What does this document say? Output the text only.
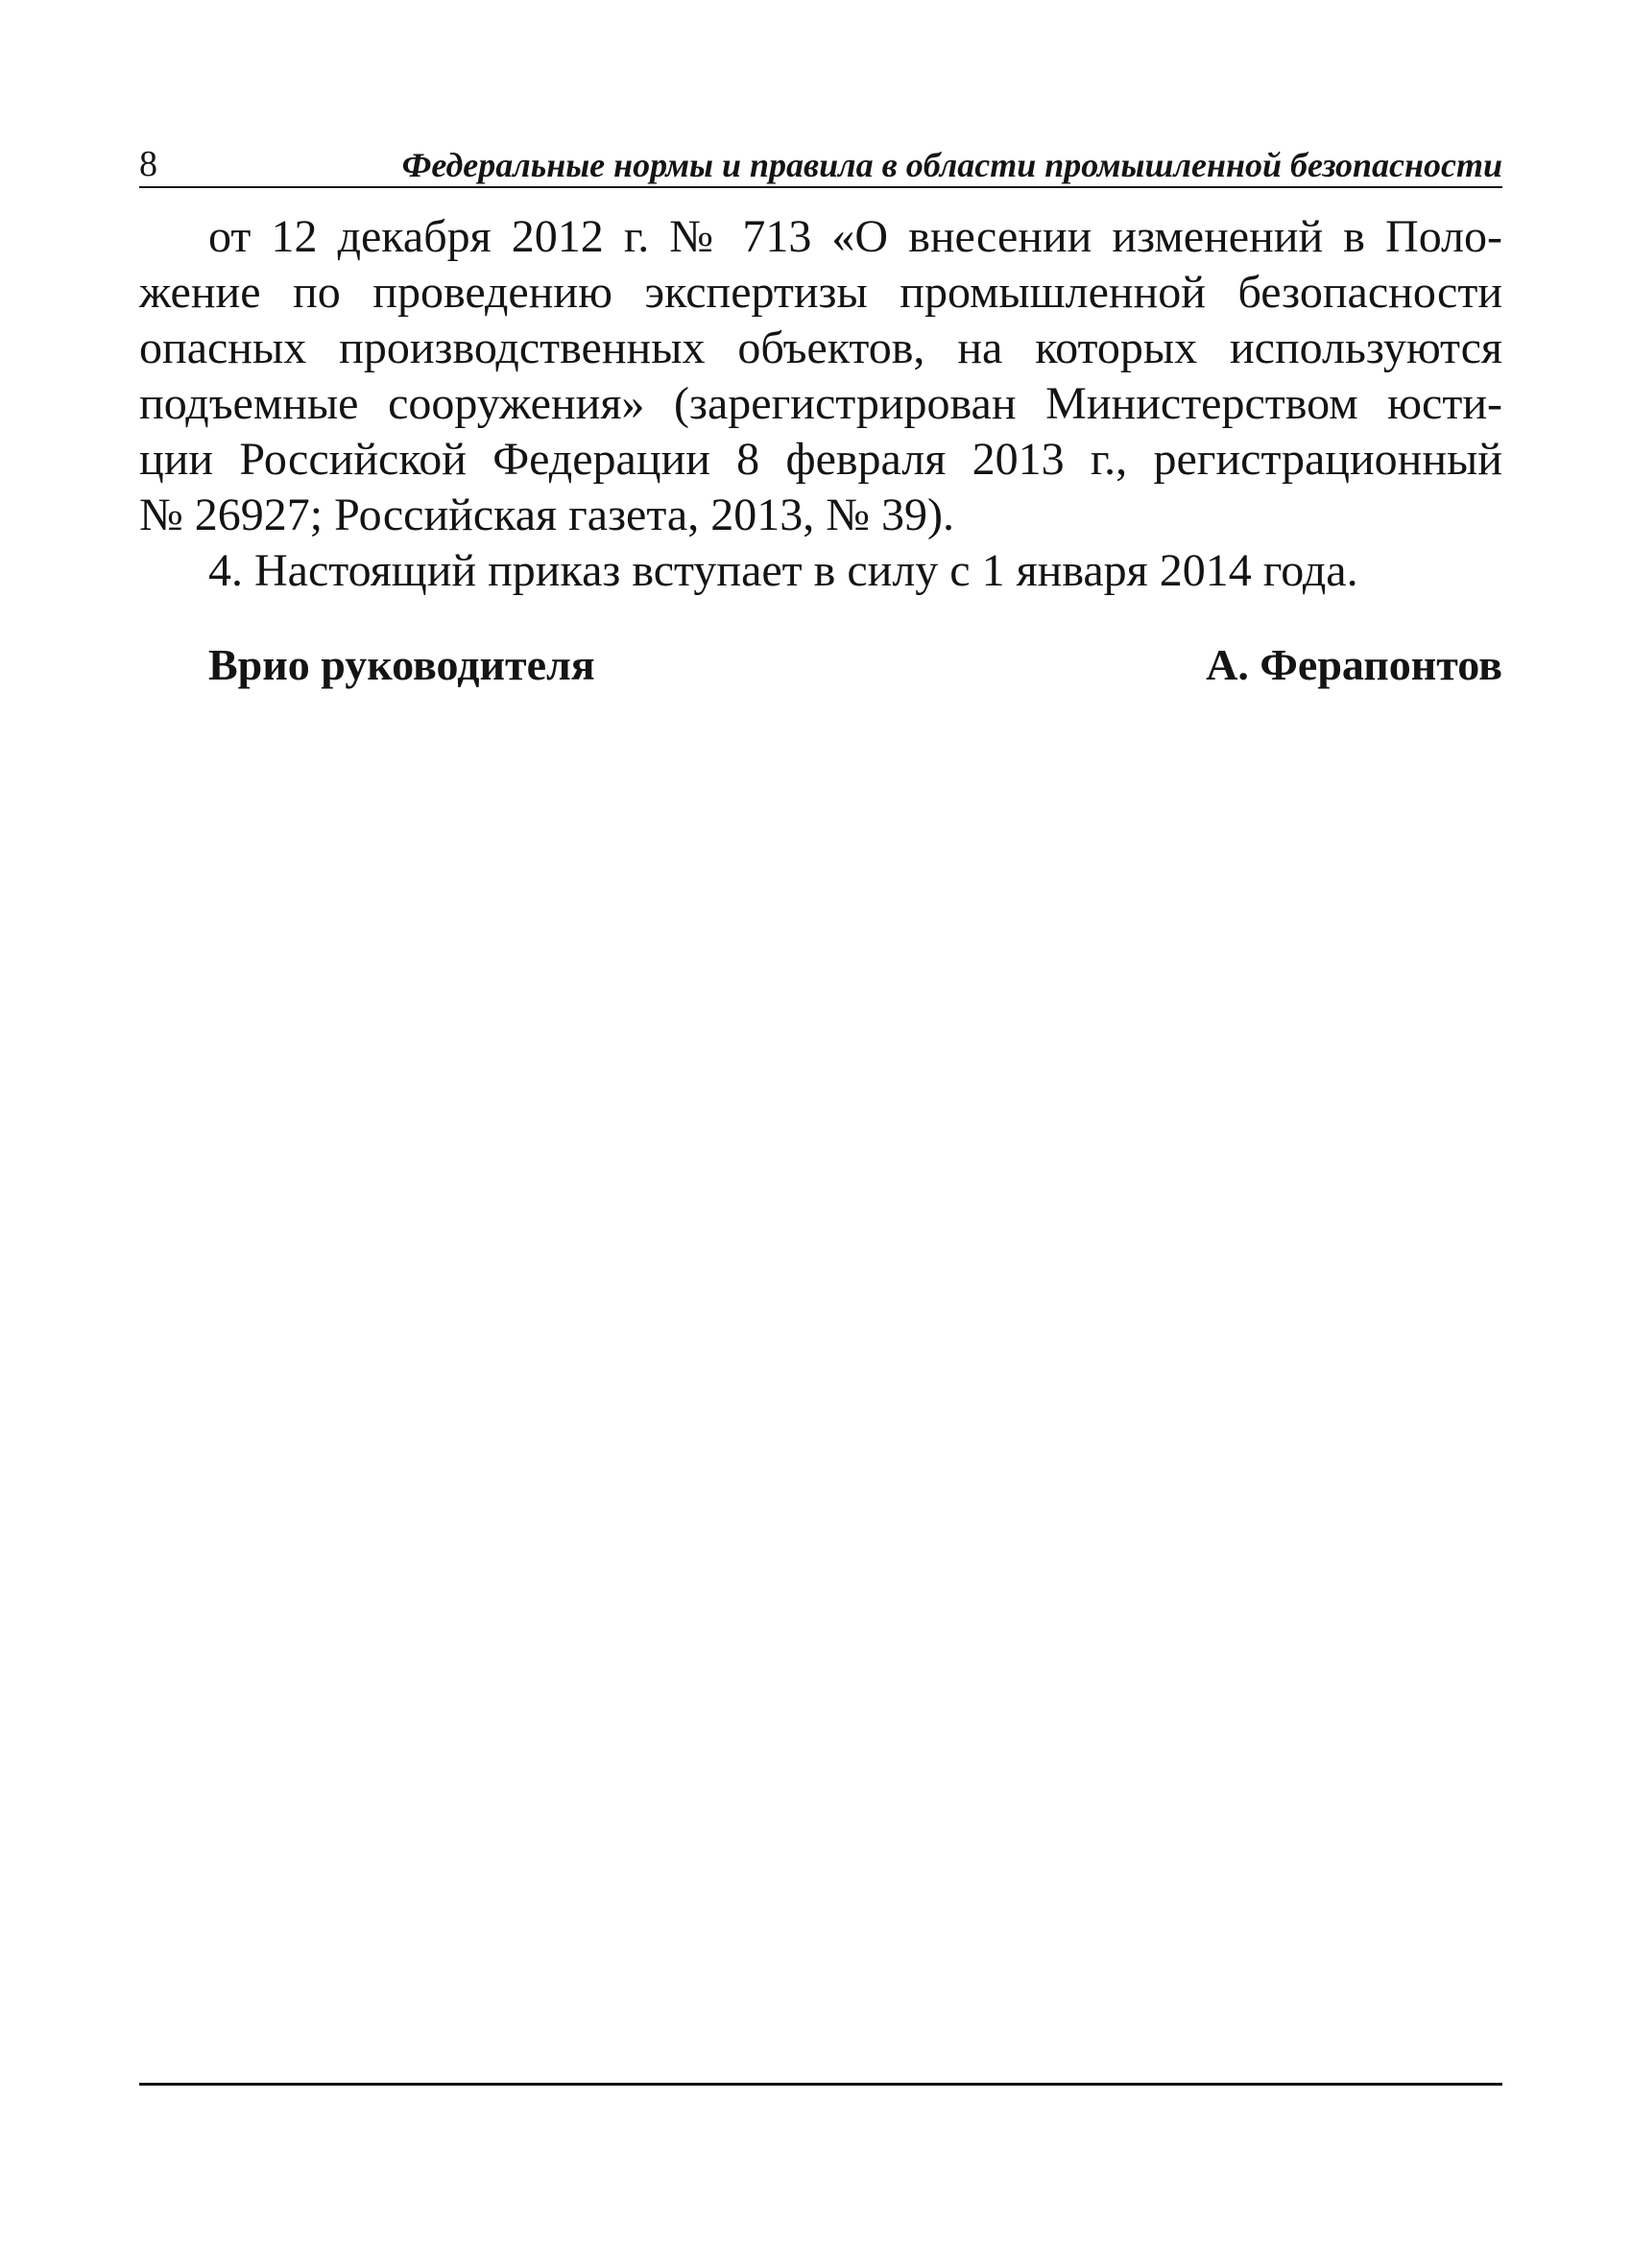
8	Федеральные нормы и правила в области промышленной безопасности
от 12 декабря 2012 г. № 713 «О внесении изменений в Поло-
жение по проведению экспертизы промышленной безопасности
опасных производственных объектов, на которых используются
подъемные сооружения» (зарегистрирован Министерством юсти-
ции Российской Федерации 8 февраля 2013 г., регистрационный
№ 26927; Российская газета, 2013, № 39).
4. Настоящий приказ вступает в силу с 1 января 2014 года.
Врио руководителя	А. Ферапонтов
